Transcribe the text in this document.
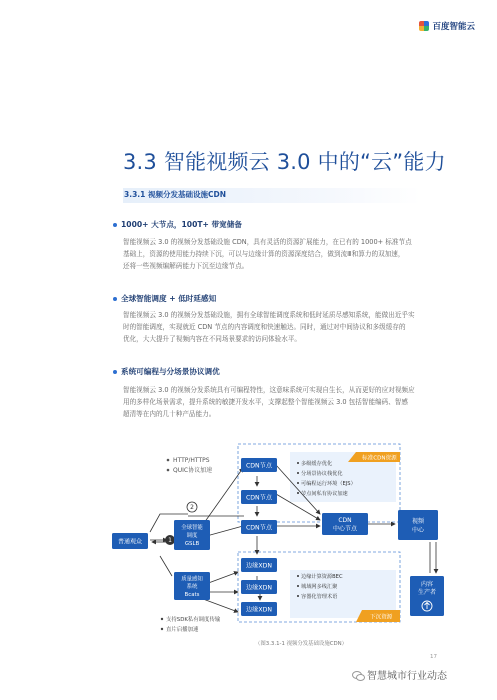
百度智能云
3.3 智能视频云 3.0 中的“云”能力
3.3.1 视频分发基础设施CDN
1000+ 大节点，100T+ 带宽储备
智能视频云 3.0 的视频分发基础设施 CDN，具有灵活的资源扩展能力，在已有的 1000+ 标准节点
基础上，资源的使用能力持续下沉，可以与边缘计算的资源深度结合，做到流Ⅲ和算力的双加速，
还将一些视频编解码能力下沉至边缘节点。
全球智能调度 + 低时延感知
智能视频云 3.0 的视频分发基础设施，拥有全球智能调度系统和低时延质尽感知系统，能做出近乎实
时的智能调度，实现就近 CDN 节点的内容调度和快速触达。同时，通过对中间协议和多级缓存的
优化，大大提升了视频内容在不同场景要求的访问体验水平。
系统可编程与分场景协议调优
智能视频云 3.0 的视频分发系统具有可编程特性，这意味系统可实现自生长，从而更好的应对视频应
用的多样化场景需求，提升系统的敏捷开发水平，支撑起整个智能视频云 3.0 包括智能编码、智感
超清等在内的几十种产品能力。
HTTP/HTTPS
QUIC协议加速
标准CDN资源
多级缓存优化
分场景协议栈优化
可编程运行环境（EJS）
节点间私有协议加速
下沉资源
边缘计算资源BEC
城域网多线汇聚
容器化管理术语
2
1
普通观众
全球智能
调度
GSLB
质量感知
系统
Bcats
CDN节点
CDN节点
CDN节点
边缘XDN
边缘XDN
边缘XDN
CDN
中心节点
视频
中心
内容
生产者
支持SDK私有调度传输
直片启播加速
（图3.3.1-1 视频分发基础设施CDN）
17
智慧城市行业动态
